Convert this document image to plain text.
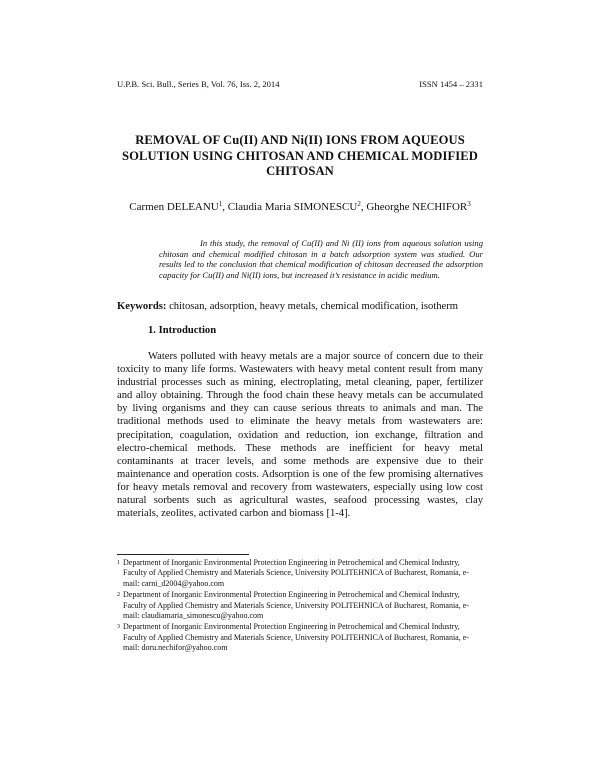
U.P.B. Sci. Bull., Series B, Vol. 76, Iss. 2, 2014	ISSN 1454 – 2331
REMOVAL OF Cu(II) AND Ni(II) IONS FROM AQUEOUS SOLUTION USING CHITOSAN AND CHEMICAL MODIFIED CHITOSAN
Carmen DELEANU$^1$, Claudia Maria SIMONESCU$^2$, Gheorghe NECHIFOR$^3$
In this study, the removal of Cu(II) and Ni (II) ions from aqueous solution using chitosan and chemical modified chitosan in a batch adsorption system was studied. Our results led to the conclusion that chemical modification of chitosan decreased the adsorption capacity for Cu(II) and Ni(II) ions, but increased it’s resistance in acidic medium.
Keywords: chitosan, adsorption, heavy metals, chemical modification, isotherm
1. Introduction
Waters polluted with heavy metals are a major source of concern due to their toxicity to many life forms. Wastewaters with heavy metal content result from many industrial processes such as mining, electroplating, metal cleaning, paper, fertilizer and alloy obtaining. Through the food chain these heavy metals can be accumulated by living organisms and they can cause serious threats to animals and man. The traditional methods used to eliminate the heavy metals from wastewaters are: precipitation, coagulation, oxidation and reduction, ion exchange, filtration and electro-chemical methods. These methods are inefficient for heavy metal contaminants at tracer levels, and some methods are expensive due to their maintenance and operation costs. Adsorption is one of the few promising alternatives for heavy metals removal and recovery from wastewaters, especially using low cost natural sorbents such as agricultural wastes, seafood processing wastes, clay materials, zeolites, activated carbon and biomass [1-4].
1 Department of Inorganic Environmental Protection Engineering in Petrochemical and Chemical Industry, Faculty of Applied Chemistry and Materials Science, University POLITEHNICA of Bucharest, Romania, e-mail: carni_d2004@yahoo.com
2 Department of Inorganic Environmental Protection Engineering in Petrochemical and Chemical Industry, Faculty of Applied Chemistry and Materials Science, University POLITEHNICA of Bucharest, Romania, e-mail: claudiamaria_simonescu@yahoo.com
3 Department of Inorganic Environmental Protection Engineering in Petrochemical and Chemical Industry, Faculty of Applied Chemistry and Materials Science, University POLITEHNICA of Bucharest, Romania, e-mail: doru.nechifor@yahoo.com
